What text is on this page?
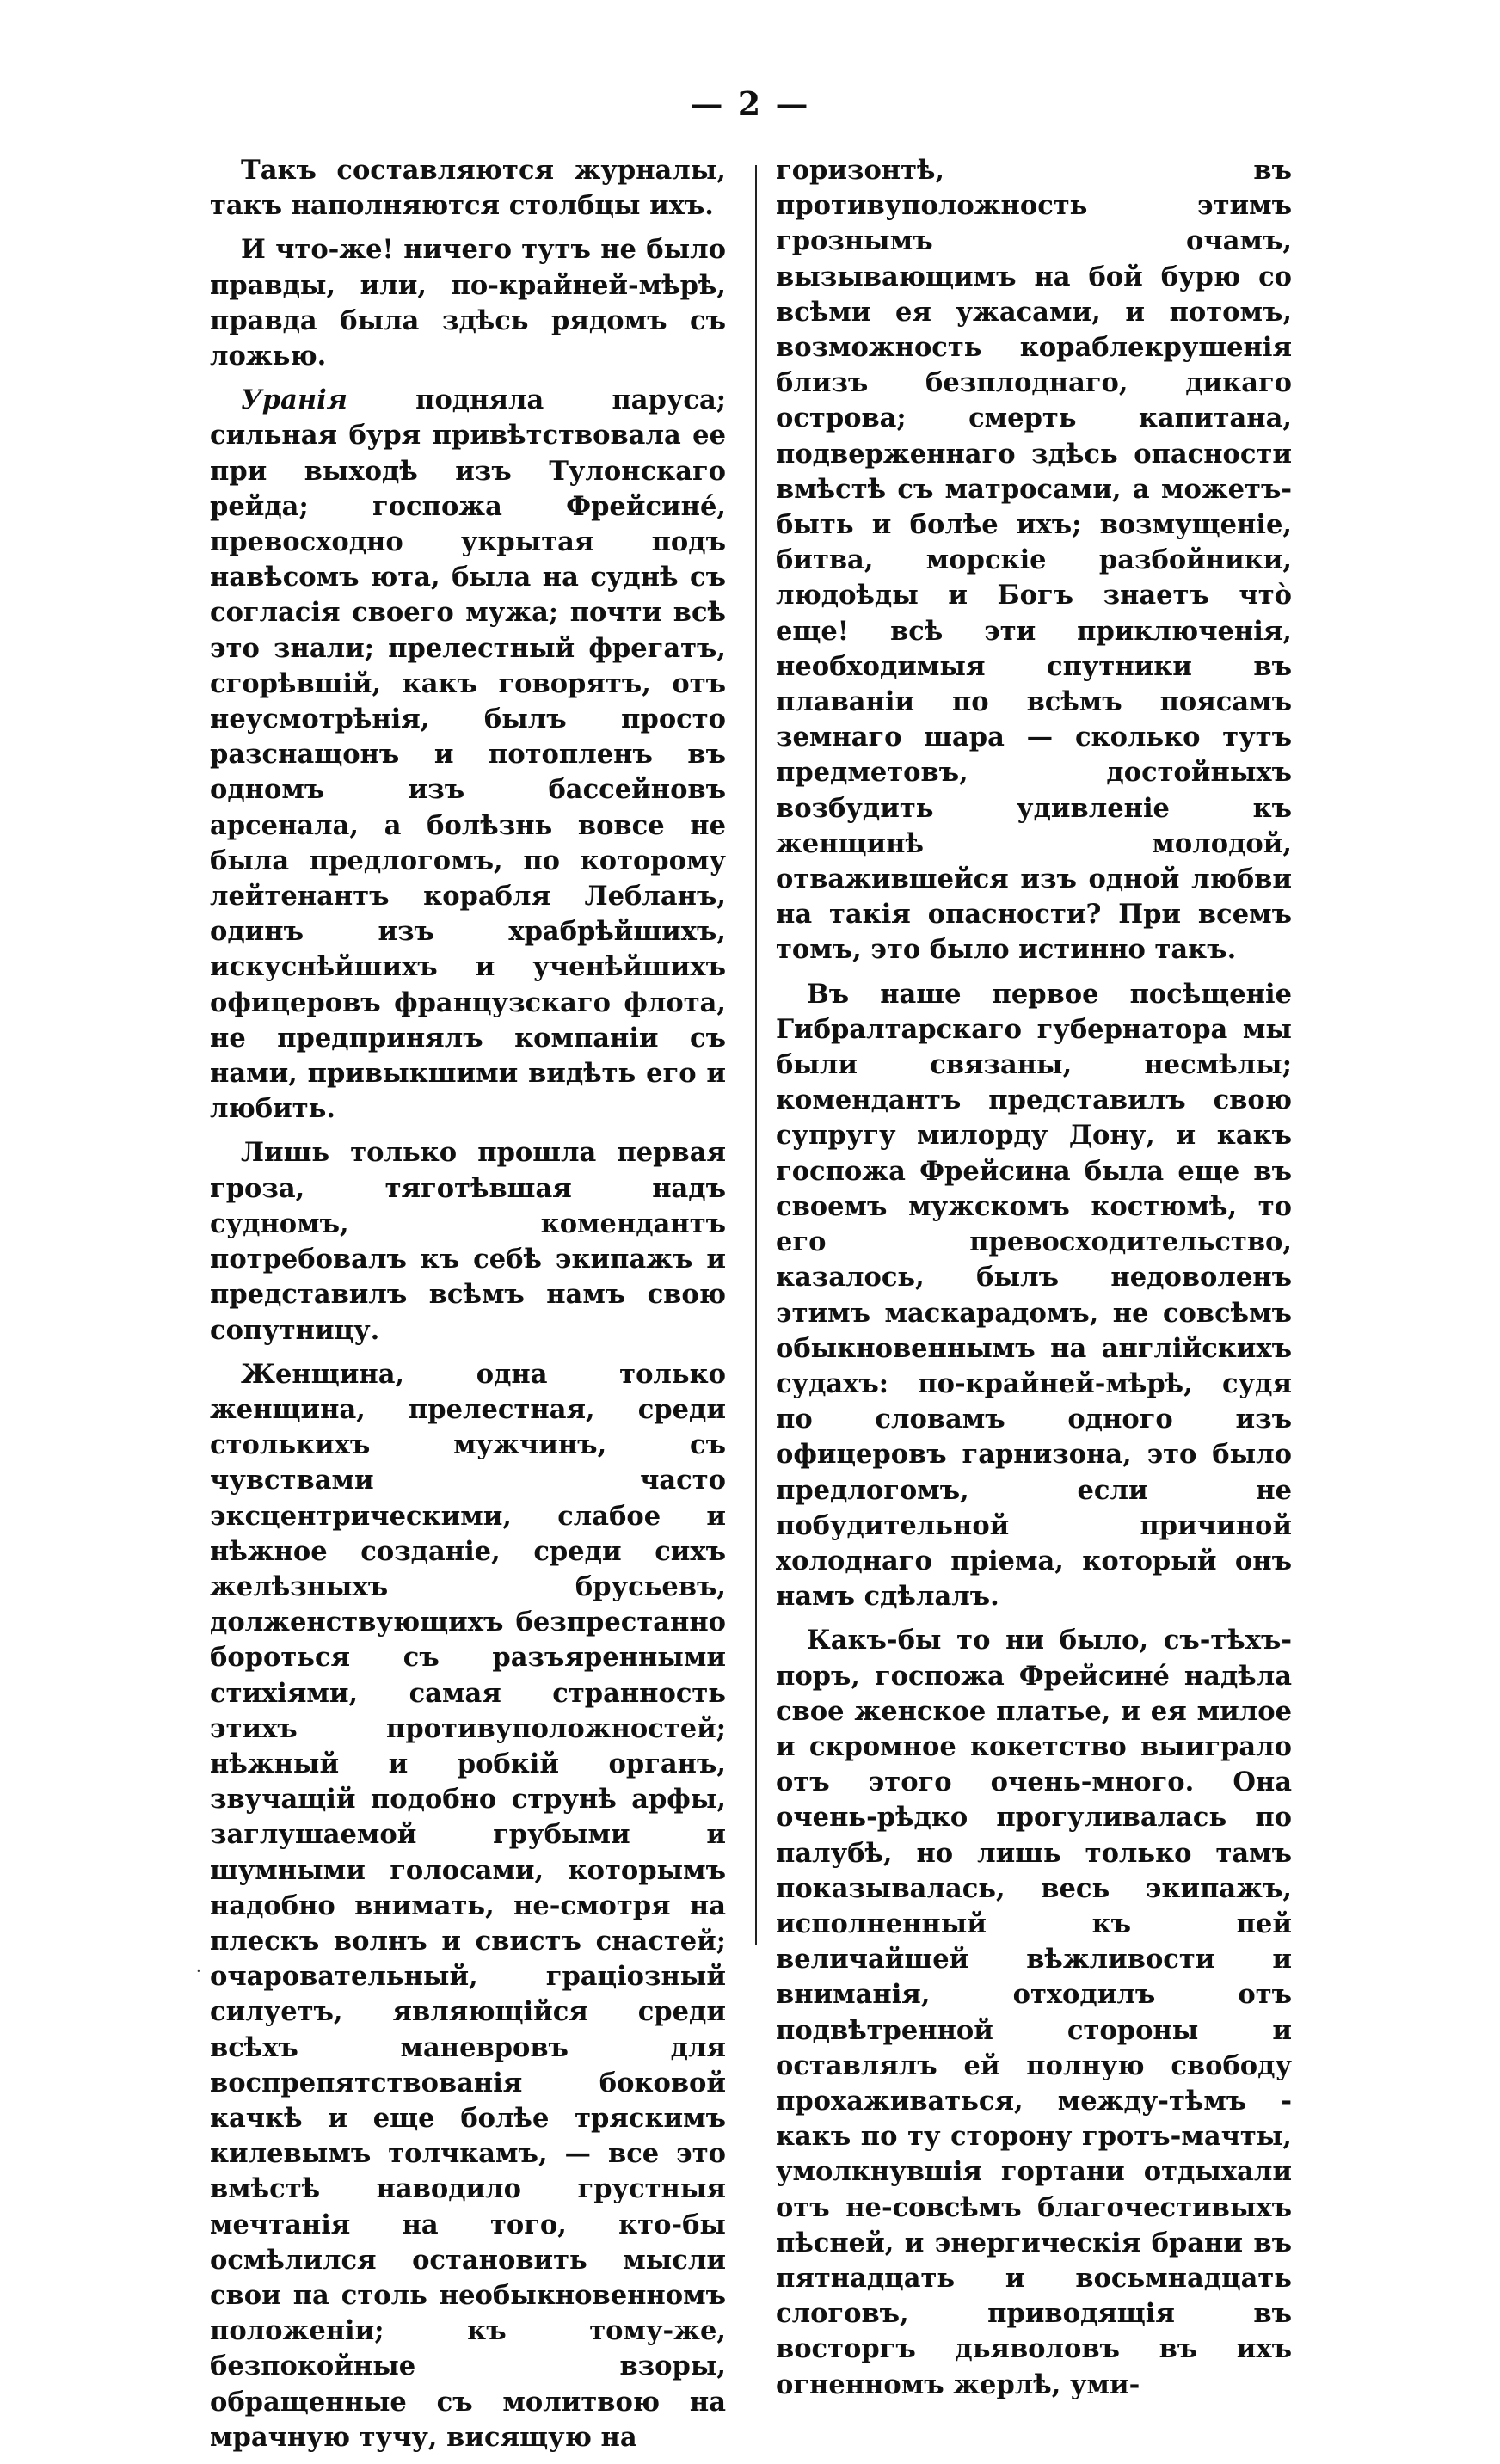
— 2 —

Такъ составляются журналы, такъ наполняются столбцы ихъ.

И что-же! ничего тутъ не было правды, или, по-крайней-мѣрѣ, правда была здѣсь рядомъ съ ложью.

Уранія подняла паруса; сильная буря привѣтствовала ее при выходѣ изъ Тулонскаго рейда; госпожа Фрейсине́, превосходно укрытая подъ навѣсомъ юта, была на суднѣ съ согласія своего мужа; почти всѣ это знали; прелестный фрегатъ, сгорѣвшій, какъ говорятъ, отъ неусмотрѣнія, былъ просто разснащонъ и потопленъ въ одномъ изъ бассейновъ арсенала, а болѣзнь вовсе не была предлогомъ, по которому лейтенантъ корабля Лебланъ, одинъ изъ храбрѣйшихъ, искуснѣйшихъ и ученѣйшихъ офицеровъ французскаго флота, не предпринялъ компаніи съ нами, привыкшими видѣть его и любить.

Лишь только прошла первая гроза, тяготѣвшая надъ судномъ, комендантъ потребовалъ къ себѣ экипажъ и представилъ всѣмъ намъ свою сопутницу.

Женщина, одна только женщина, прелестная, среди столькихъ мужчинъ, съ чувствами часто эксцентрическими, слабое и нѣжное созданіе, среди сихъ желѣзныхъ брусьевъ, долженствующихъ безпрестанно бороться съ разъяренными стихіями, самая странность этихъ противуположностей; нѣжный и робкій органъ, звучащій подобно струнѣ арфы, заглушаемой грубыми и шумными голосами, которымъ надобно внимать, не-смотря на плескъ волнъ и свистъ снастей; очаровательный, граціозный силуетъ, являющійся среди всѣхъ маневровъ для воспрепятствованія боковой качкѣ и еще болѣе тряскимъ килевымъ толчкамъ, — все это вмѣстѣ наводило грустныя мечтанія на того, кто-бы осмѣлился остановить мысли свои па столь необыкновенномъ положеніи; къ тому-же, безпокойные взоры, обращенные съ молитвою на мрачную тучу, висящую на

горизонтѣ, въ противуположность этимъ грознымъ очамъ, вызывающимъ на бой бурю со всѣми ея ужасами, и потомъ, возможность кораблекрушенія близъ безплоднаго, дикаго острова; смерть капитана, подверженнаго здѣсь опасности вмѣстѣ съ матросами, а можетъ-быть и болѣе ихъ; возмущеніе, битва, морскіе разбойники, людоѣды и Богъ знаетъ что̀ еще! всѣ эти приключенія, необходимыя спутники въ плаваніи по всѣмъ поясамъ земнаго шара — сколько тутъ предметовъ, достойныхъ возбудить удивленіе къ женщинѣ молодой, отважившейся изъ одной любви на такія опасности? При всемъ томъ, это было истинно такъ.

Въ наше первое посѣщеніе Гибралтарскаго губернатора мы были связаны, несмѣлы; комендантъ представилъ свою супругу милорду Дону, и какъ госпожа Фрейсина была еще въ своемъ мужскомъ костюмѣ, то его превосходительство, казалось, былъ недоволенъ этимъ маскарадомъ, не совсѣмъ обыкновеннымъ на англійскихъ судахъ: по-крайней-мѣрѣ, судя по словамъ одного изъ офицеровъ гарнизона, это было предлогомъ, если не побудительной причиной холоднаго пріема, который онъ намъ сдѣлалъ.

Какъ-бы то ни было, съ-тѣхъ-поръ, госпожа Фрейсине́ надѣла свое женское платье, и ея милое и скромное кокетство выиграло отъ этого очень-много. Она очень-рѣдко прогуливалась по палубѣ, но лишь только тамъ показывалась, весь экипажъ, исполненный къ пей величайшей вѣжливости и вниманія, отходилъ отъ подвѣтренной стороны и оставлялъ ей полную свободу прохаживаться, между-тѣмъ - какъ по ту сторону гротъ-мачты, умолкнувшія гортани отдыхали отъ не-совсѣмъ благочестивыхъ пѣсней, и энергическія брани въ пятнадцать и восьмнадцать слоговъ, приводящія въ восторгъ дьяволовъ въ ихъ огненномъ жерлѣ, уми-

·
